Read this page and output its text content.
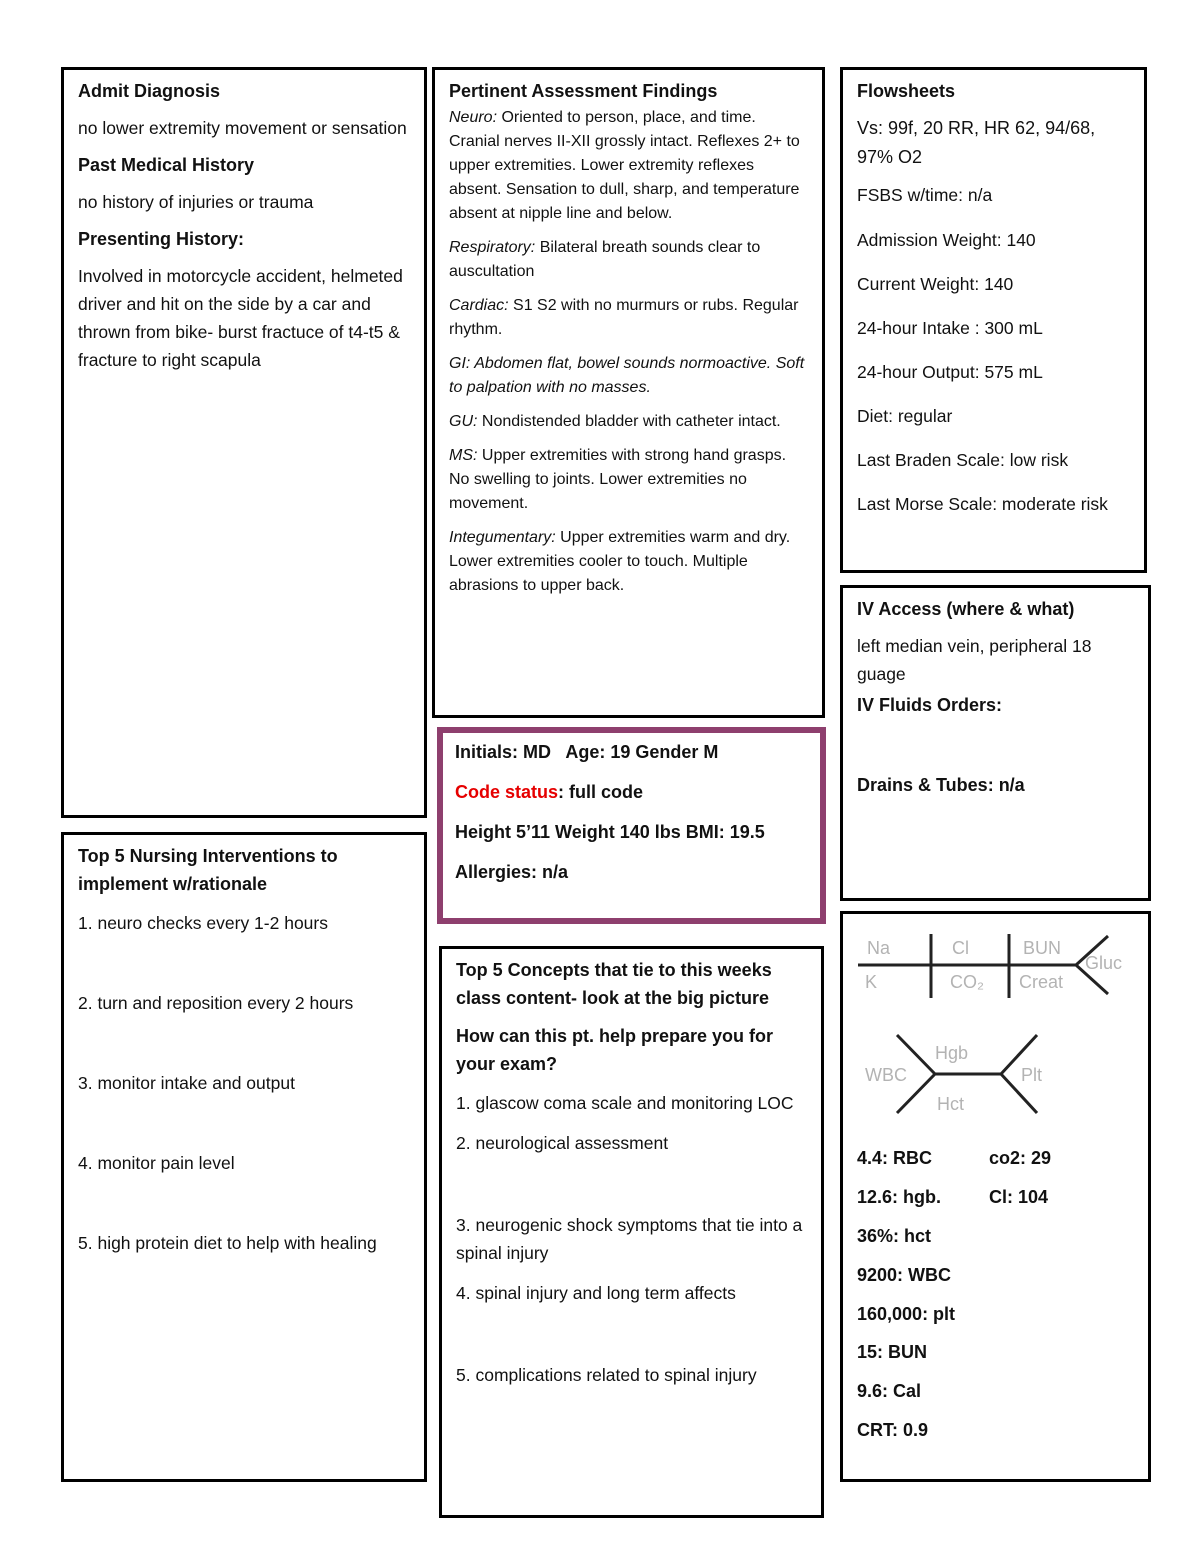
Admit Diagnosis
no lower extremity movement or sensation
Past Medical History
no history of injuries or trauma
Presenting History:
Involved in motorcycle accident, helmeted driver and hit on the side by a car and thrown from bike- burst fractuce of t4-t5 & fracture to right scapula
Pertinent Assessment Findings

Neuro: Oriented to person, place, and time. Cranial nerves II-XII grossly intact. Reflexes 2+ to upper extremities. Lower extremity reflexes absent. Sensation to dull, sharp, and temperature absent at nipple line and below.

Respiratory: Bilateral breath sounds clear to auscultation

Cardiac: S1 S2 with no murmurs or rubs. Regular rhythm.

GI: Abdomen flat, bowel sounds normoactive. Soft to palpation with no masses.

GU: Nondistended bladder with catheter intact.

MS: Upper extremities with strong hand grasps. No swelling to joints. Lower extremities no movement.

Integumentary: Upper extremities warm and dry. Lower extremities cooler to touch. Multiple abrasions to upper back.

Flowsheets
Vs: 99f, 20 RR, HR 62, 94/68, 97% O2
FSBS w/time: n/a
Admission Weight: 140
Current Weight: 140
24-hour Intake : 300 mL
24-hour Output: 575 mL
Diet: regular
Last Braden Scale: low risk
Last Morse Scale: moderate risk
IV Access (where & what)
left median vein, peripheral 18 guage
IV Fluids Orders:
Drains & Tubes: n/a
Initials: MD   Age: 19 Gender M
Code status: full code
Height 5’11 Weight 140 lbs BMI: 19.5
Allergies: n/a
Top 5 Nursing Interventions to implement w/rationale
1. neuro checks every 1-2 hours
2. turn and reposition every 2 hours
3. monitor intake and output
4. monitor pain level
5. high protein diet to help with healing
Top 5 Concepts that tie to this weeks class content- look at the big picture
How can this pt. help prepare you for your exam?
1. glascow coma scale and monitoring LOC
2. neurological assessment
3. neurogenic shock symptoms that tie into a spinal injury
4. spinal injury and long term affects
5. complications related to spinal injury
Na	Cl	BUN
K	CO₂ Creat
Gluc
WBC
Hgb
Hct
Plt
4.4: RBC	co2: 29
12.6: hgb.	Cl: 104
36%: hct
9200: WBC
160,000: plt
15: BUN
9.6: Cal
CRT: 0.9
